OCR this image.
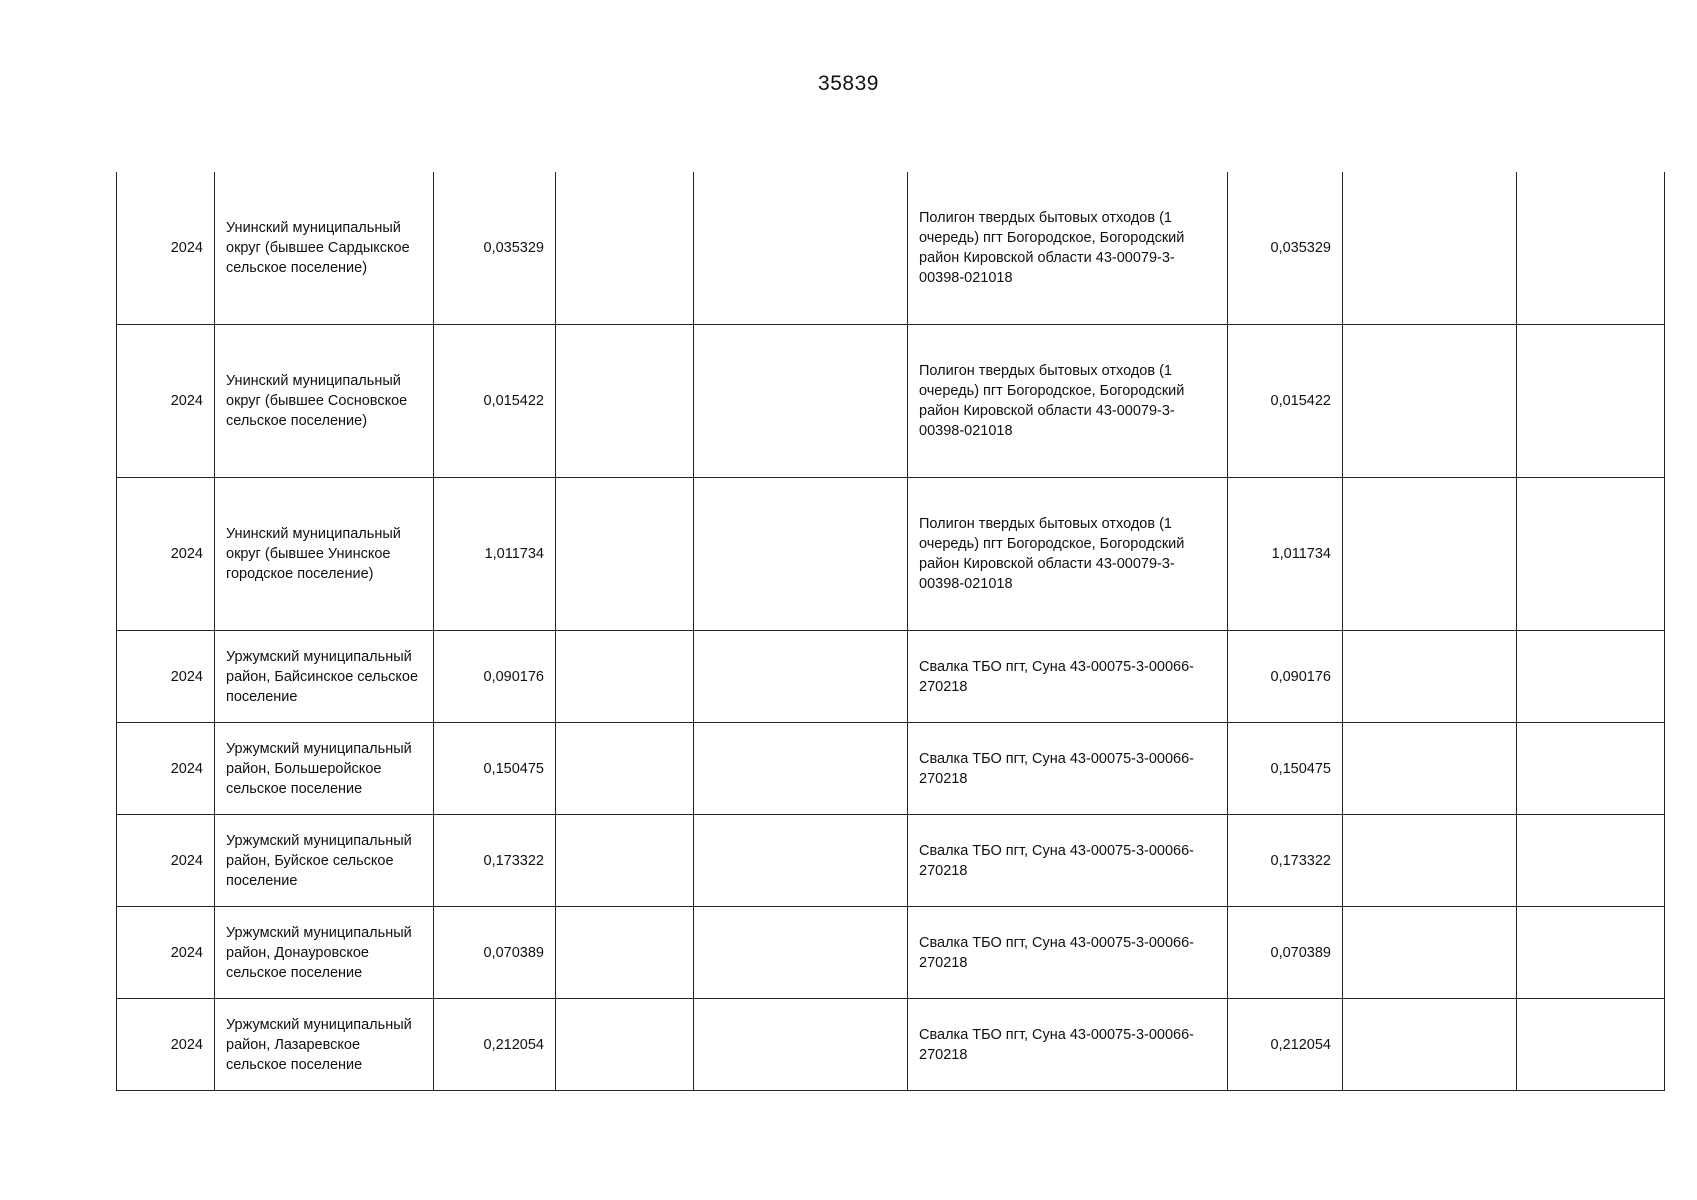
35839
2024	Унинский муниципальный округ (бывшее Сардыкское сельское поселение)	0,035329			Полигон твердых бытовых отходов (1 очередь) пгт Богородское, Богородский район Кировской области 43-00079-3-00398-021018	0,035329		
2024	Унинский муниципальный округ (бывшее Сосновское сельское поселение)	0,015422			Полигон твердых бытовых отходов (1 очередь) пгт Богородское, Богородский район Кировской области 43-00079-3-00398-021018	0,015422		
2024	Унинский муниципальный округ (бывшее Унинское городское поселение)	1,011734			Полигон твердых бытовых отходов (1 очередь) пгт Богородское, Богородский район Кировской области 43-00079-3-00398-021018	1,011734		
2024	Уржумский муниципальный район, Байсинское сельское поселение	0,090176			Свалка ТБО пгт, Суна 43-00075-3-00066-270218	0,090176		
2024	Уржумский муниципальный район, Большеройское сельское поселение	0,150475			Свалка ТБО пгт, Суна 43-00075-3-00066-270218	0,150475		
2024	Уржумский муниципальный район, Буйское сельское поселение	0,173322			Свалка ТБО пгт, Суна 43-00075-3-00066-270218	0,173322		
2024	Уржумский муниципальный район, Донауровское сельское поселение	0,070389			Свалка ТБО пгт, Суна 43-00075-3-00066-270218	0,070389		
2024	Уржумский муниципальный район, Лазаревское сельское поселение	0,212054			Свалка ТБО пгт, Суна 43-00075-3-00066-270218	0,212054		
